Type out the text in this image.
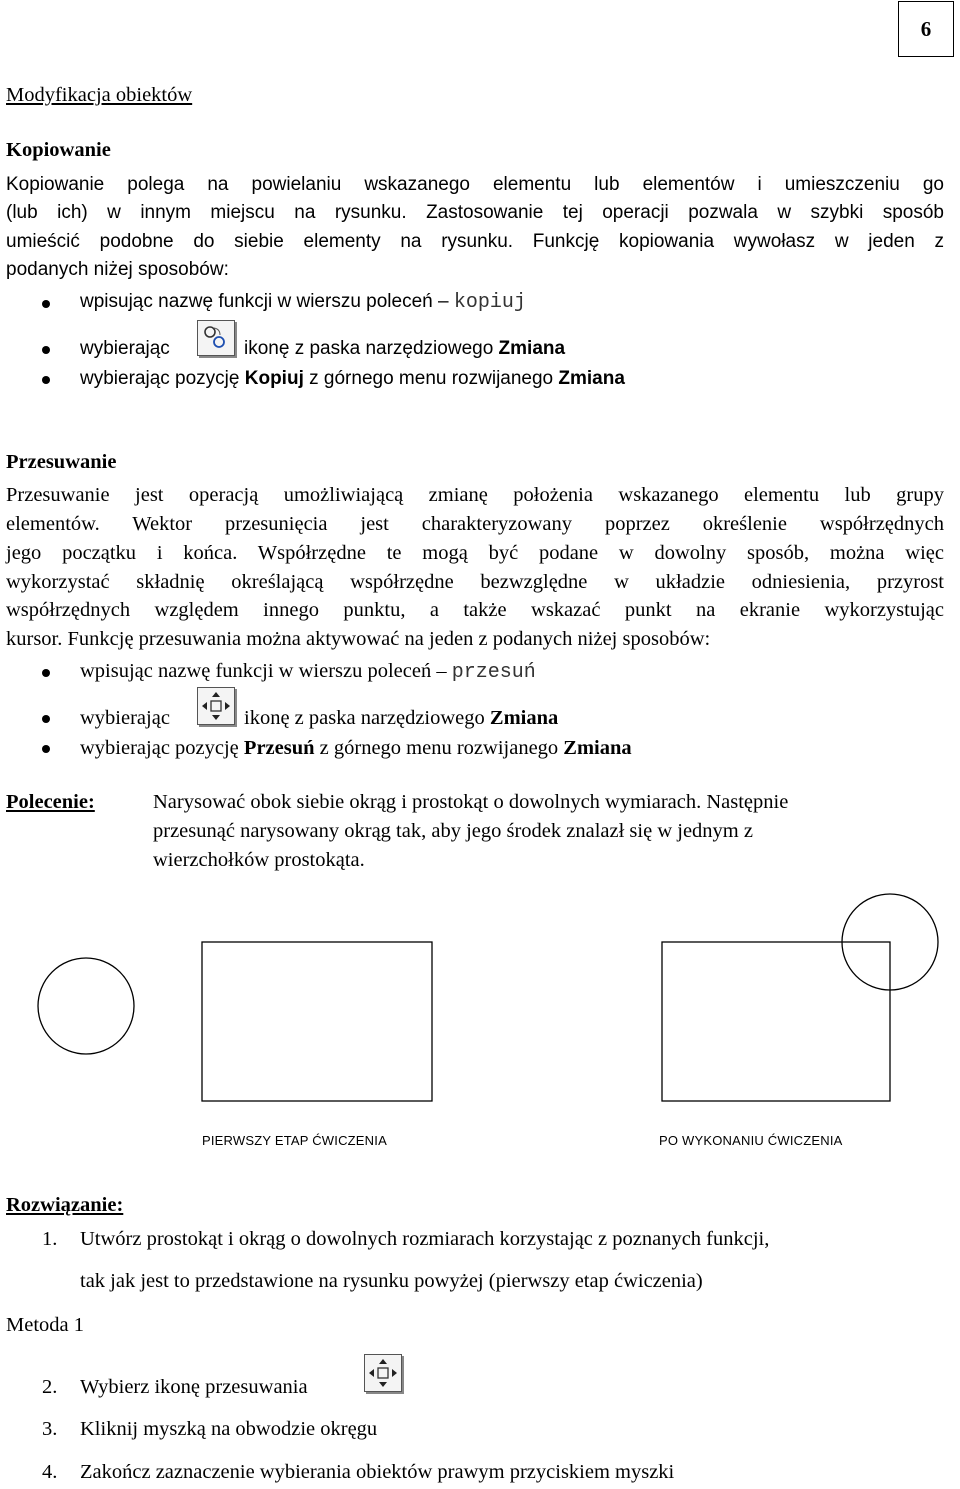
6
Modyfikacja obiektów
Kopiowanie
Kopiowanie polega na powielaniu wskazanego elementu lub elementów i umieszczeniu go
(lub ich) w innym miejscu na rysunku. Zastosowanie tej operacji pozwala w szybki sposób
umieścić podobne do siebie elementy na rysunku. Funkcję kopiowania wywołasz w jeden z
podanych niżej sposobów:
wpisując nazwę funkcji w wierszu poleceń – kopiuj
wybierając	ikonę z paska narzędziowego Zmiana
wybierając pozycję Kopiuj z górnego menu rozwijanego Zmiana
Przesuwanie
Przesuwanie jest operacją umożliwiającą zmianę położenia wskazanego elementu lub grupy
elementów. Wektor przesunięcia jest charakteryzowany poprzez określenie współrzędnych
jego początku i końca. Współrzędne te mogą być podane w dowolny sposób, można więc
wykorzystać składnię określającą współrzędne bezwzględne w układzie odniesienia, przyrost
współrzędnych względem innego punktu, a także wskazać punkt na ekranie wykorzystując
kursor. Funkcję przesuwania można aktywować na jeden z podanych niżej sposobów:
wpisując nazwę funkcji w wierszu poleceń – przesuń
wybierając	ikonę z paska narzędziowego Zmiana
wybierając pozycję Przesuń z górnego menu rozwijanego Zmiana
Polecenie:	Narysować obok siebie okrąg i prostokąt o dowolnych wymiarach. Następnie
przesunąć narysowany okrąg tak, aby jego środek znalazł się w jednym z
wierzchołków prostokąta.
PIERWSZY ETAP ĆWICZENIA	PO WYKONANIU ĆWICZENIA
Rozwiązanie:
1. Utwórz prostokąt i okrąg o dowolnych rozmiarach korzystając z poznanych funkcji,
tak jak jest to przedstawione na rysunku powyżej (pierwszy etap ćwiczenia)
Metoda 1
2. Wybierz ikonę przesuwania
3. Kliknij myszką na obwodzie okręgu
4. Zakończ zaznaczenie wybierania obiektów prawym przyciskiem myszki
